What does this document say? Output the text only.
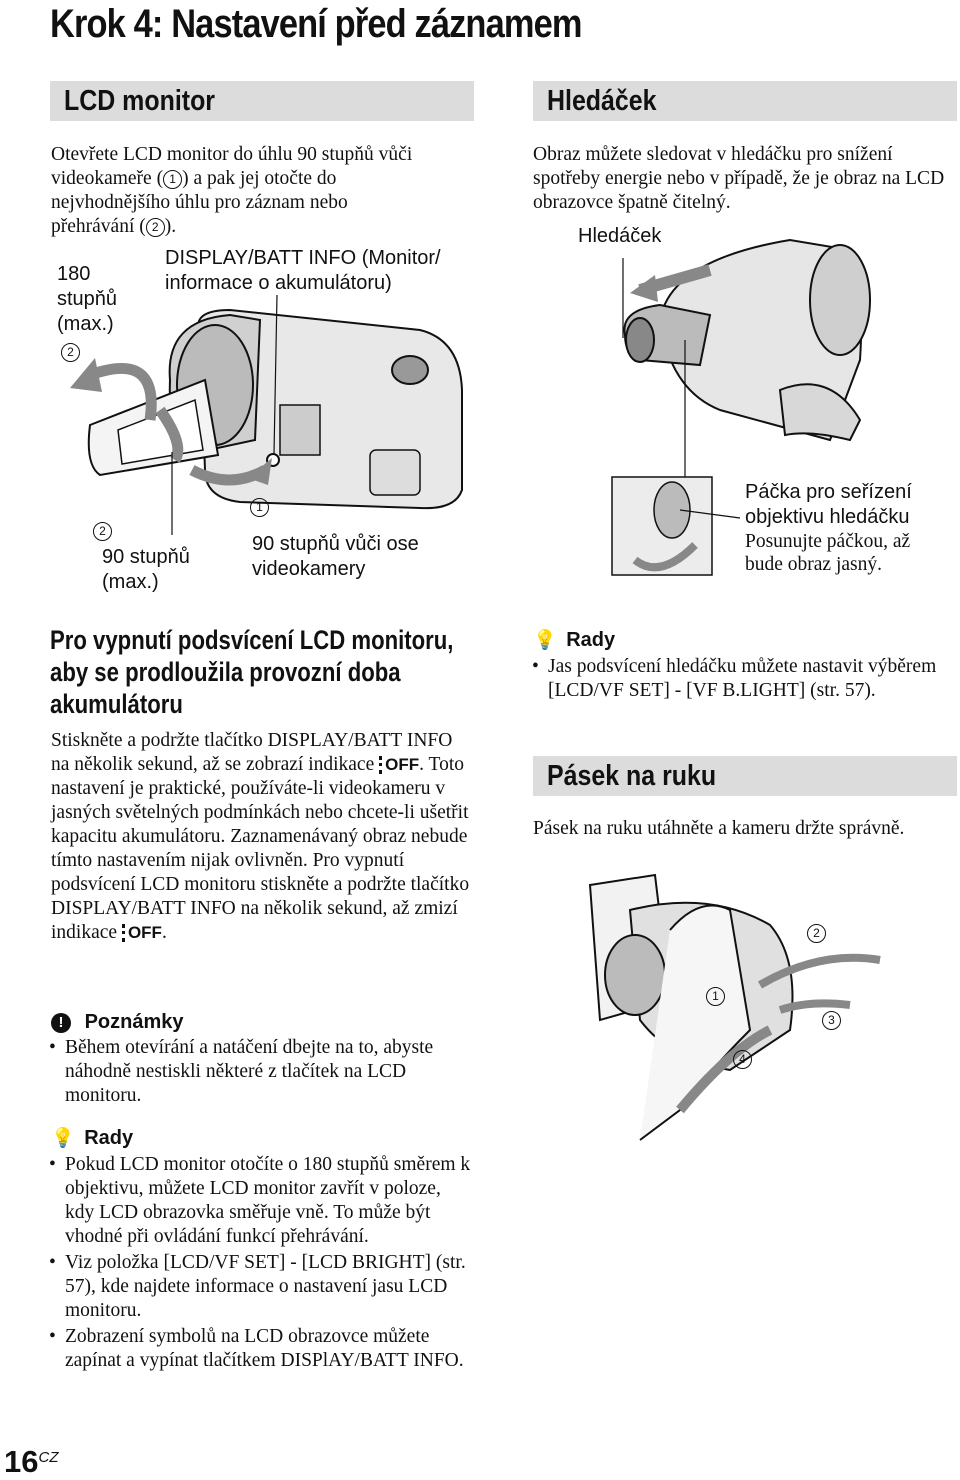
Krok 4: Nastavení před záznamem
LCD monitor
Otevřete LCD monitor do úhlu 90 stupňů vůči
videokameře ( 1 ) a pak jej otočte do
nejvhodnějšího úhlu pro záznam nebo
přehrávání ( 2 ).
180
stupňů
(max.)
2
DISPLAY/BATT INFO (Monitor/
informace o akumulátoru)
2
90 stupňů
(max.)
1
90 stupňů vůči ose
videokamery
Pro vypnutí podsvícení LCD monitoru, aby se prodloužila provozní doba akumulátoru
Stiskněte a podržte tlačítko DISPLAY/BATT INFO na několik sekund, až se zobrazí indikace OFF. Toto nastavení je praktické, používáte-li videokameru v jasných světelných podmínkách nebo chcete-li ušetřit kapacitu akumulátoru. Zaznamenávaný obraz nebude tímto nastavením nijak ovlivněn. Pro vypnutí podsvícení LCD monitoru stiskněte a podržte tlačítko DISPLAY/BATT INFO na několik sekund, až zmizí indikace OFF.
! Poznámky
• Během otevírání a natáčení dbejte na to, abyste náhodně nestiskli některé z tlačítek na LCD monitoru.
💡 Rady
• Pokud LCD monitor otočíte o 180 stupňů směrem k objektivu, můžete LCD monitor zavřít v poloze, kdy LCD obrazovka směřuje vně. To může být vhodné při ovládání funkcí přehrávání.
• Viz položka [LCD/VF SET] - [LCD BRIGHT] (str. 57), kde najdete informace o nastavení jasu LCD monitoru.
• Zobrazení symbolů na LCD obrazovce můžete zapínat a vypínat tlačítkem DISPlAY/BATT INFO.
Hledáček
Obraz můžete sledovat v hledáčku pro snížení spotřeby energie nebo v případě, že je obraz na LCD obrazovce špatně čitelný.
Hledáček
Páčka pro seřízení
objektivu hledáčku
Posunujte páčkou, až
bude obraz jasný.
💡 Rady
• Jas podsvícení hledáčku můžete nastavit výběrem [LCD/VF SET] - [VF B.LIGHT] (str. 57).
Pásek na ruku
Pásek na ruku utáhněte a kameru držte správně.
2
1
3
4
$16^{CZ}$
